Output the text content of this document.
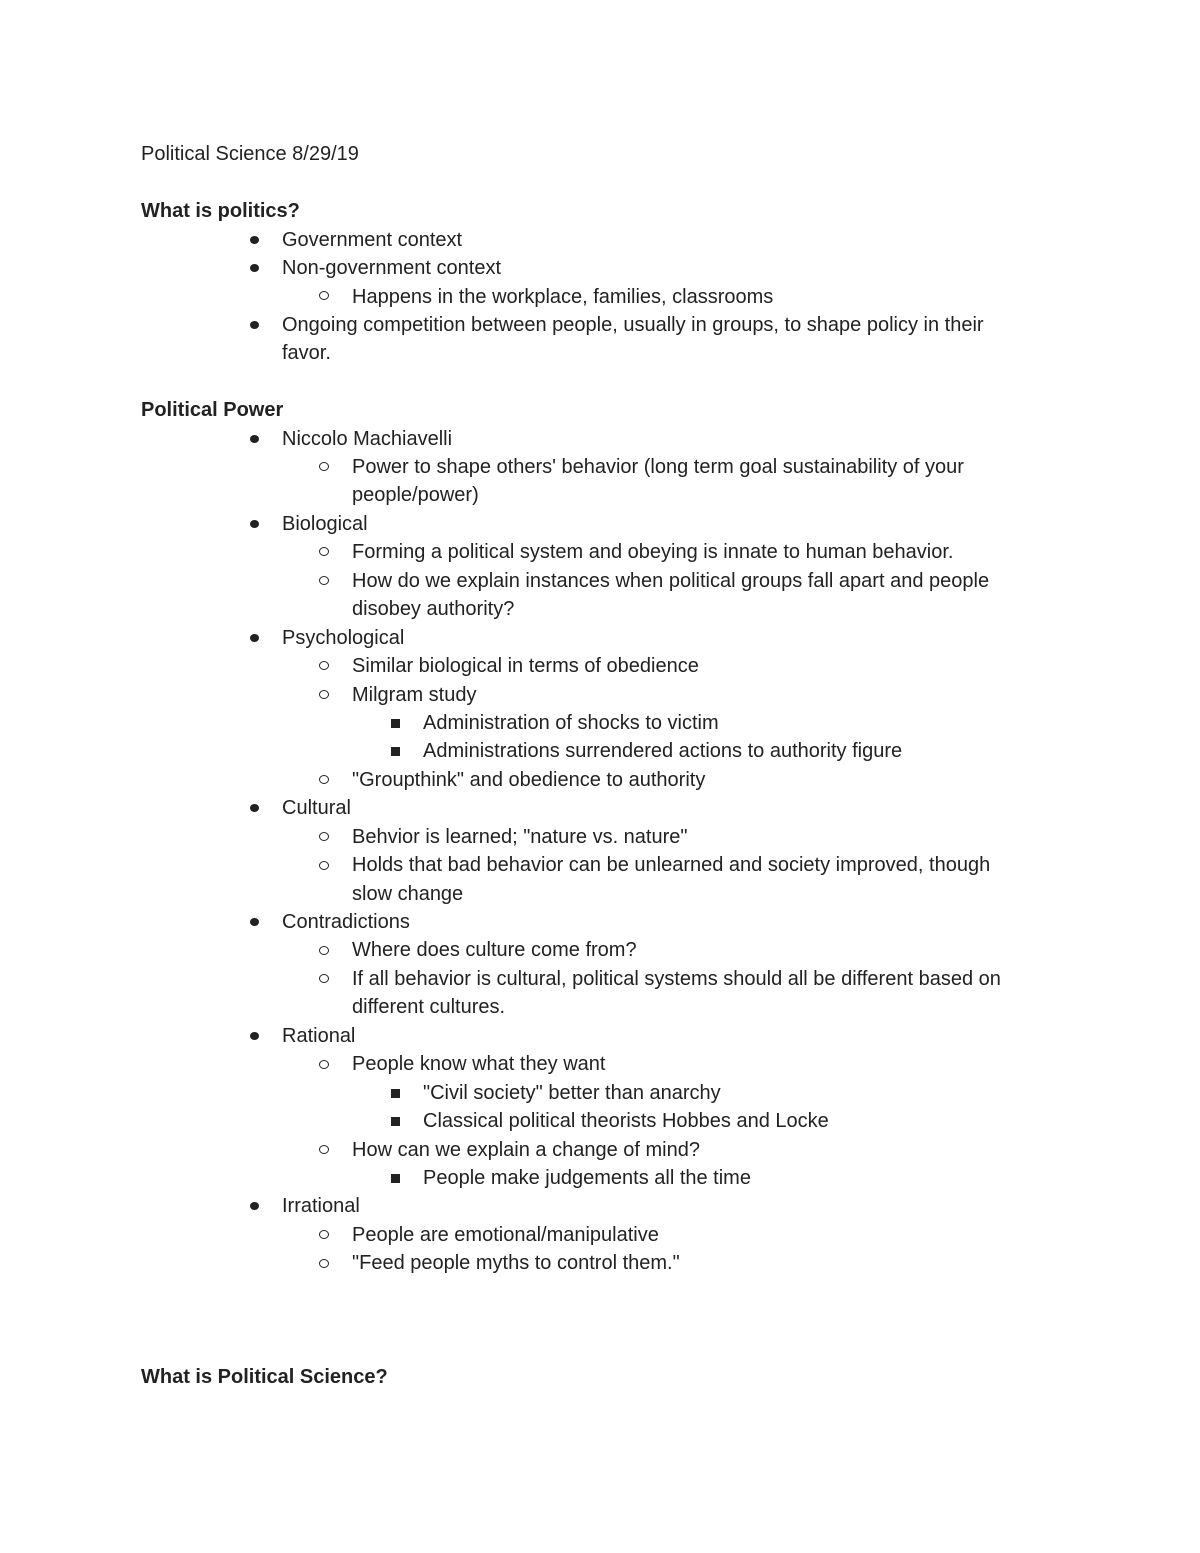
Political Science 8/29/19
What is politics?
Government context
Non-government context
Happens in the workplace, families, classrooms
Ongoing competition between people, usually in groups, to shape policy in their
favor.
Political Power
Niccolo Machiavelli
Power to shape others' behavior (long term goal sustainability of your
people/power)
Biological
Forming a political system and obeying is innate to human behavior.
How do we explain instances when political groups fall apart and people
disobey authority?
Psychological
Similar biological in terms of obedience
Milgram study
Administration of shocks to victim
Administrations surrendered actions to authority figure
"Groupthink" and obedience to authority
Cultural
Behvior is learned; "nature vs. nature"
Holds that bad behavior can be unlearned and society improved, though
slow change
Contradictions
Where does culture come from?
If all behavior is cultural, political systems should all be different based on
different cultures.
Rational
People know what they want
"Civil society" better than anarchy
Classical political theorists Hobbes and Locke
How can we explain a change of mind?
People make judgements all the time
Irrational
People are emotional/manipulative
"Feed people myths to control them."
What is Political Science?
